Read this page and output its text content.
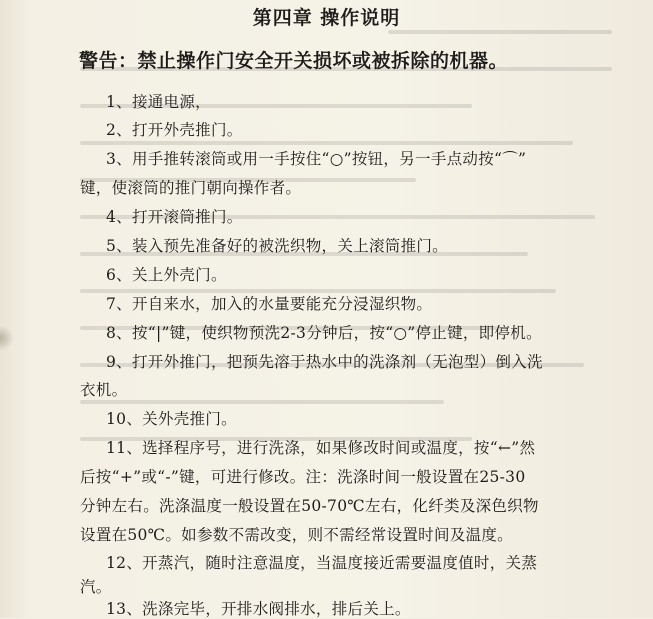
第四章 操作说明
警告：禁止操作门安全开关损坏或被拆除的机器。
1、接通电源，
2、打开外壳推门。
3、用手推转滚筒或用一手按住“○”按钮，另一手点动按“⌒”
键，使滚筒的推门朝向操作者。
4、打开滚筒推门。
5、装入预先准备好的被洗织物，关上滚筒推门。
6、关上外壳门。
7、开自来水，加入的水量要能充分浸湿织物。
8、按“|”键，使织物预洗2-3分钟后，按“○”停止键，即停机。
9、打开外推门，把预先溶于热水中的洗涤剂（无泡型）倒入洗
衣机。
10、关外壳推门。
11、选择程序号，进行洗涤，如果修改时间或温度，按“←”然
后按“+”或“-”键，可进行修改。注：洗涤时间一般设置在25-30
分钟左右。洗涤温度一般设置在50-70℃左右，化纤类及深色织物
设置在50℃。如参数不需改变，则不需经常设置时间及温度。
12、开蒸汽，随时注意温度，当温度接近需要温度值时，关蒸
汽。
13、洗涤完毕，开排水阀排水，排后关上。
